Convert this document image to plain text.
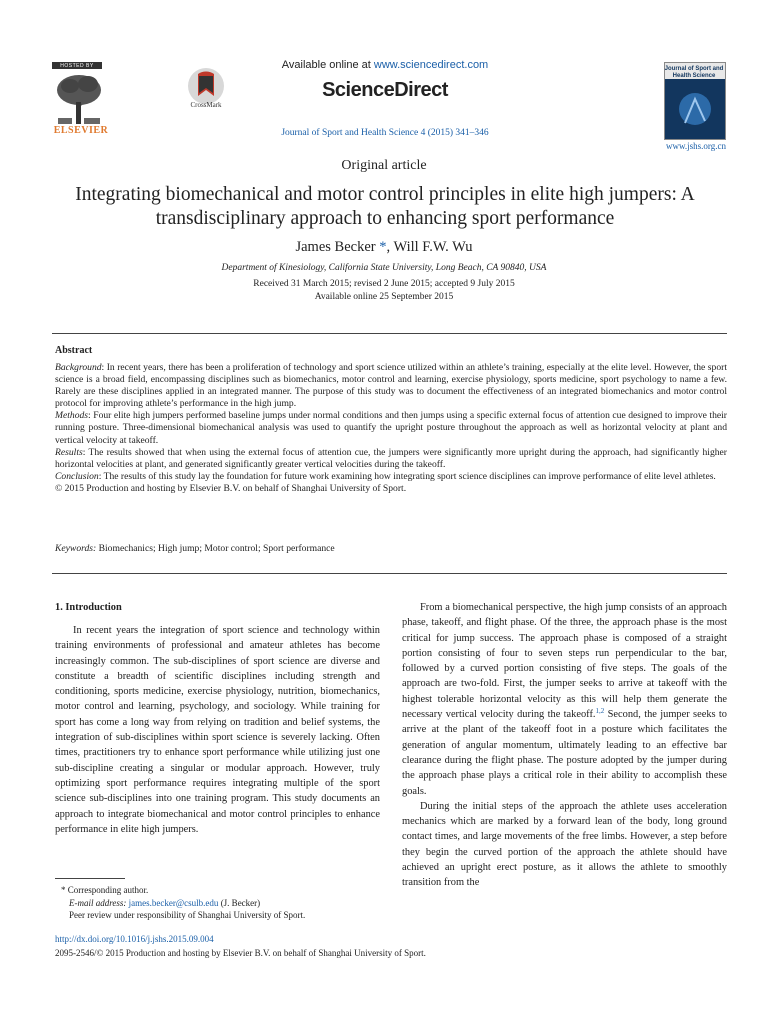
HOSTED BY
ELSEVIER
CrossMark
Available online at www.sciencedirect.com
ScienceDirect
Journal of Sport and Health Science 4 (2015) 341–346
Journal of Sport and Health Science
www.jshs.org.cn
Original article
Integrating biomechanical and motor control principles in elite high jumpers: A transdisciplinary approach to enhancing sport performance
James Becker *, Will F.W. Wu
Department of Kinesiology, California State University, Long Beach, CA 90840, USA
Received 31 March 2015; revised 2 June 2015; accepted 9 July 2015
Available online 25 September 2015
Abstract

Background: In recent years, there has been a proliferation of technology and sport science utilized within an athlete’s training, especially at the elite level. However, the sport science is a broad field, encompassing disciplines such as biomechanics, motor control and learning, exercise physiology, sports medicine, sport psychology to name a few. Rarely are these disciplines applied in an integrated manner. The purpose of this study was to document the effectiveness of an integrated biomechanics and motor control protocol for improving athlete’s performance in the high jump.

Methods: Four elite high jumpers performed baseline jumps under normal conditions and then jumps using a specific external focus of attention cue designed to improve their running posture. Three-dimensional biomechanical analysis was used to quantify the upright posture throughout the approach as well as horizontal velocity at plant and vertical velocity at takeoff.

Results: The results showed that when using the external focus of attention cue, the jumpers were significantly more upright during the approach, had significantly higher horizontal velocities at plant, and generated significantly greater vertical velocities during the takeoff.

Conclusion: The results of this study lay the foundation for future work examining how integrating sport science disciplines can improve performance of elite level athletes.

© 2015 Production and hosting by Elsevier B.V. on behalf of Shanghai University of Sport.

Keywords: Biomechanics; High jump; Motor control; Sport performance
1. Introduction

In recent years the integration of sport science and technology within training environments of professional and amateur athletes has become increasingly common. The sub-disciplines of sport science are diverse and constitute a breadth of scientific disciplines including strength and conditioning, sports medicine, exercise physiology, nutrition, biomechanics, motor control and learning, psychology, and sociology. While training for sport has come a long way from relying on tradition and belief systems, the integration of sub-disciplines within sport science is severely lacking. Often times, practitioners try to enhance sport performance while utilizing just one sub-discipline creating a singular or modular approach. However, truly optimizing sport performance requires integrating multiple of the sport science sub-disciplines into one training program. This study documents an approach to integrate biomechanical and motor control principles to enhance performance in elite high jumpers.

From a biomechanical perspective, the high jump consists of an approach phase, takeoff, and flight phase. Of the three, the approach phase is the most critical for jump success. The approach phase is composed of a straight portion consisting of four to seven steps run perpendicular to the bar, followed by a curved portion consisting of five steps. The goals of the approach are two-fold. First, the jumper seeks to arrive at takeoff with the highest tolerable horizontal velocity as this will help them generate the necessary vertical velocity during the takeoff.$^{1,2}$ Second, the jumper seeks to arrive at the plant of the takeoff foot in a posture which facilitates the generation of angular momentum, ultimately leading to an effective bar clearance during the flight phase. The posture adopted by the jumper during the approach phase plays a critical role in their ability to accomplish these goals.

During the initial steps of the approach the athlete uses acceleration mechanics which are marked by a forward lean of the body, long ground contact times, and large movements of the free limbs. However, a step before they begin the curved portion of the approach the athlete should have achieved an upright erect posture, as it allows the athlete to smoothly transition from the

* Corresponding author.
E-mail address: james.becker@csulb.edu (J. Becker)
Peer review under responsibility of Shanghai University of Sport.
http://dx.doi.org/10.1016/j.jshs.2015.09.004
2095-2546/© 2015 Production and hosting by Elsevier B.V. on behalf of Shanghai University of Sport.
